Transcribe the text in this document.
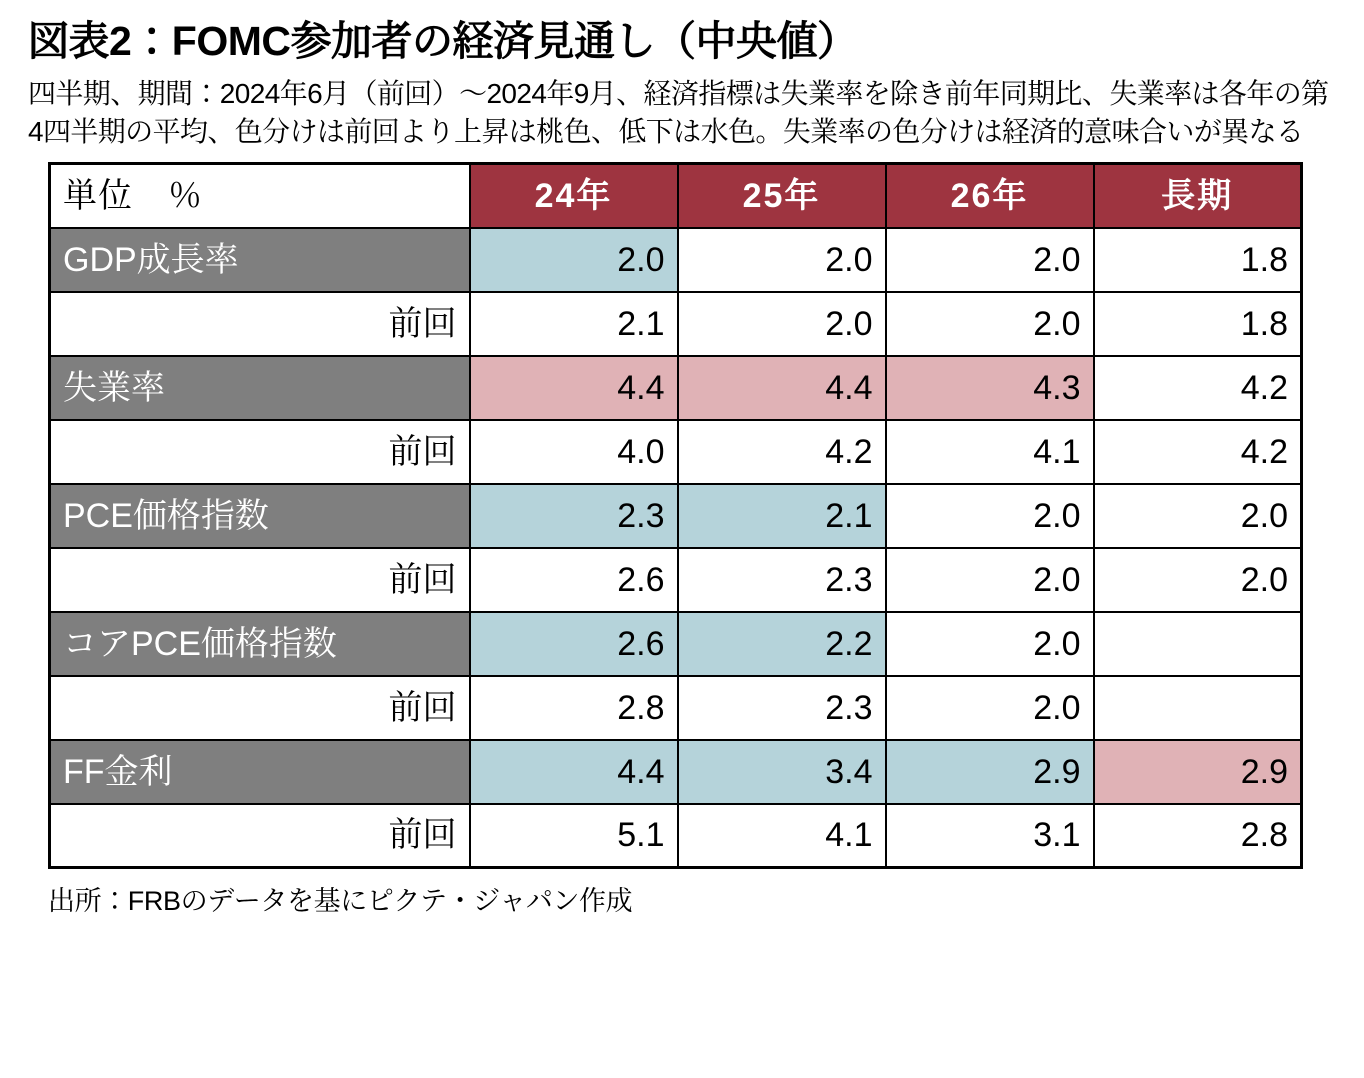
図表2：FOMC参加者の経済見通し（中央値）

四半期、期間：2024年6月（前回）～2024年9月、経済指標は失業率を除き前年同期比、失業率は各年の第4四半期の平均、色分けは前回より上昇は桃色、低下は水色。失業率の色分けは経済的意味合いが異なる

単位　％	24年	25年	26年	長期
GDP成長率	2.0	2.0	2.0	1.8
前回	2.1	2.0	2.0	1.8
失業率	4.4	4.4	4.3	4.2
前回	4.0	4.2	4.1	4.2
PCE価格指数	2.3	2.1	2.0	2.0
前回	2.6	2.3	2.0	2.0
コアPCE価格指数	2.6	2.2	2.0	
前回	2.8	2.3	2.0	
FF金利	4.4	3.4	2.9	2.9
前回	5.1	4.1	3.1	2.8

出所：FRBのデータを基にピクテ・ジャパン作成
